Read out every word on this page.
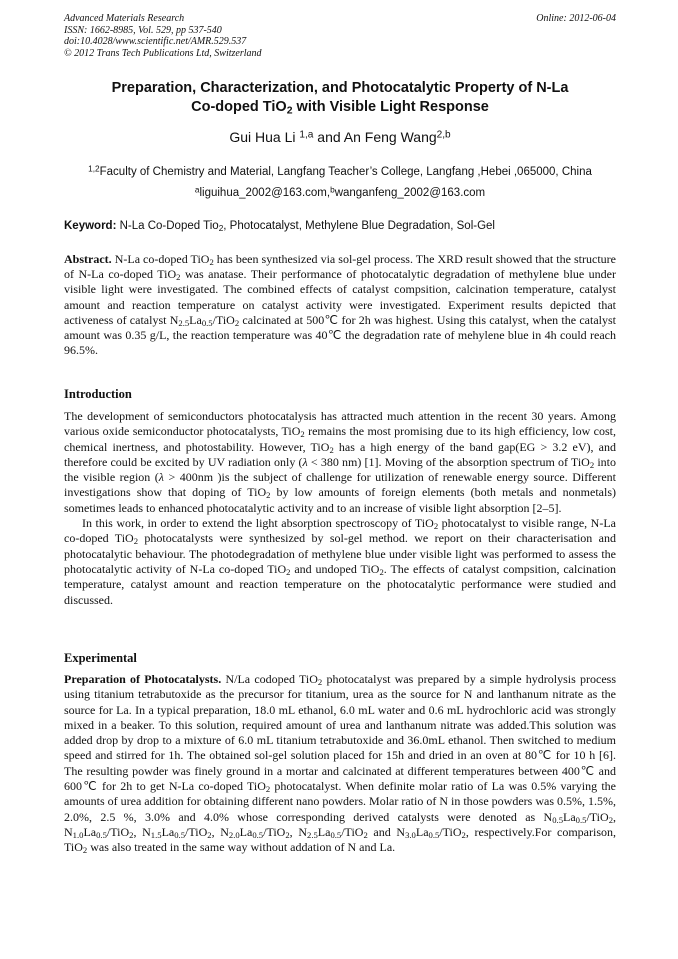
Advanced Materials Research
ISSN: 1662-8985, Vol. 529, pp 537-540
doi:10.4028/www.scientific.net/AMR.529.537
© 2012 Trans Tech Publications Ltd, Switzerland
Online: 2012-06-04
Preparation, Characterization, and Photocatalytic Property of N-La
Co-doped TiO$_2$ with Visible Light Response
Gui Hua Li $^{1,a}$ and An Feng Wang$^{2,b}$
$^{1,2}$Faculty of Chemistry and Material, Langfang Teacher’s College, Langfang ,Hebei ,065000, China
$^a$liguihua_2002@163.com,$^b$wanganfeng_2002@163.com
Keyword: N-La Co-Doped Tio$_2$, Photocatalyst, Methylene Blue Degradation, Sol-Gel
Abstract. N-La co-doped TiO$_2$ has been synthesized via sol-gel process. The XRD result showed that the structure of N-La co-doped TiO$_2$ was anatase. Their performance of photocatalytic degradation of methylene blue under visible light were investigated. The combined effects of catalyst compsition, calcination temperature, catalyst amount and reaction temperature on catalyst activity were investigated. Experiment results depicted that activeness of catalyst $N_{2.5}La_{0.5}/TiO_2$ calcinated at 500℃ for 2h was highest. Using this catalyst, when the catalyst amount was 0.35 g/L, the reaction temperature was 40℃ the degradation rate of mehylene blue in 4h could reach 96.5%.
Introduction

The development of semiconductors photocatalysis has attracted much attention in the recent 30 years. Among various oxide semiconductor photocatalysts, TiO$_2$ remains the most promising due to its high efficiency, low cost, chemical inertness, and photostability. However, TiO$_2$ has a high energy of the band gap(EG > 3.2 eV), and therefore could be excited by UV radiation only (λ < 380 nm) [1]. Moving of the absorption spectrum of TiO$_2$ into the visible region (λ > 400nm )is the subject of challenge for utilization of renewable energy source. Different investigations show that doping of TiO$_2$ by low amounts of foreign elements (both metals and nonmetals) sometimes leads to enhanced photocatalytic activity and to an increase of visible light absorption [2–5].

In this work, in order to extend the light absorption spectroscopy of TiO$_2$ photocatalyst to visible range, N-La co-doped TiO$_2$ photocatalysts were synthesized by sol-gel method. we report on their characterisation and photocatalytic behaviour. The photodegradation of methylene blue under visible light was performed to assess the photocatalytic activity of N-La co-doped TiO$_2$ and undoped TiO$_2$. The effects of catalyst compsition, calcination temperature, catalyst amount and reaction temperature on the photocatalytic performance were studied and discussed.

Experimental

Preparation of Photocatalysts. N/La codoped TiO$_2$ photocatalyst was prepared by a simple hydrolysis process using titanium tetrabutoxide as the precursor for titanium, urea as the source for N and lanthanum nitrate as the source for La. In a typical preparation, 18.0 mL ethanol, 6.0 mL water and 0.6 mL hydrochloric acid was strongly mixed in a beaker. To this solution, required amount of urea and lanthanum nitrate was added.This solution was added drop by drop to a mixture of 6.0 mL titanium tetrabutoxide and 36.0mL ethanol. Then switched to medium speed and stirred for 1h. The obtained sol-gel solution placed for 15h and dried in an oven at 80℃ for 10 h [6]. The resulting powder was finely ground in a mortar and calcinated at different temperatures between 400℃ and 600℃ for 2h to get N-La co-doped TiO$_2$ photocatalyst. When definite molar ratio of La was 0.5% varying the amounts of urea addition for obtaining different nano powders. Molar ratio of N in those powders was 0.5%, 1.5%, 2.0%, 2.5 %, 3.0% and 4.0% whose corresponding derived catalysts were denoted as $N_{0.5}La_{0.5}/TiO_2$, $N_{1.0}La_{0.5}/TiO_2$, $N_{1.5}La_{0.5}/TiO_2$, $N_{2.0}La_{0.5}/TiO_2$, $N_{2.5}La_{0.5}/TiO_2$ and $N_{3.0}La_{0.5}/TiO_2$, respectively.For comparison, TiO$_2$ was also treated in the same way without addation of N and La.
